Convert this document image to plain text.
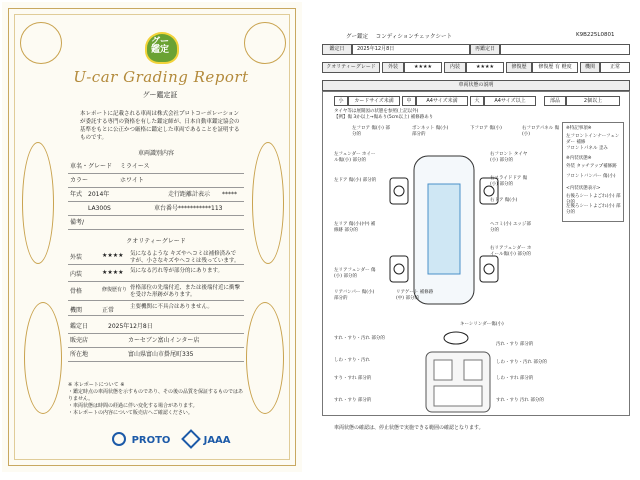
グー
鑑定
U-car Grading Report
グー鑑定証
本レポートに記載される車両は株式会社プロトコーポレーションが委託する専門の資格を有した鑑定師が、日本自動車鑑定協会の基準をもとに公正かつ厳格に鑑定した車両であることを証明するものです。
車両識別内容
車名・グレード ミライース
カラー	ホワイト
年式 2014年	走行距離計表示 *****
LA300S	車台番号 ***********113
備考/
クオリティーグレード
外装	★★★★ 気になるような キズやヘコミは補修済みですが、小さなキズやヘコミは残っています。
内装	★★★★ 気になる汚れ等が部分的にあります。
骨格	修復歴有り 骨格部位の先端付近、または後端付近に衝撃を受けた形跡があります。
機関	正常	主要機関に不具合はありません。
鑑定日	2025年12月8日
販売店	カーセブン富山インター店
所在地	富山県富山市掛尾町335
※ 本レポートについて ※
・鑑定時点の車両状態を示すものであり、その後の品質を保証するものではありません。
・車両状態は時間の経過に伴い変化する場合があります。
・本レポートの内容について販売店へご確認ください。
PROTO	JAAA
グー鑑定 コンディションチェックシート	K9B225L0801
鑑定日	2025年12月8日	再鑑定日
クオリティーグレード	外装	★★★★	内装	★★★★	修復歴	修復歴 有 軽度	機関	正常
車両状態の説明
小	カードサイズ未満	中	A4サイズ未満	大	A4サイズ以上	部品	2個以上
タイヤ等は展開図の状態を参照(上記以外)
【例】傷 3か以上→傷あり(5cm以上) 補修跡あり
左フロア 傷(小) 部分的
ボンネット 傷(小) 部分的
下フロア 傷(小)	右フロアパネル 傷(小)
左フェンダー ホイール傷(小) 部分的
右フロント タイヤ(小) 部分的
右スライドドア 傷(小) 部分的
左ドア 傷(小) 部分的
右ドア 傷(小)
ヘコミ(小) エッジ部分的
左リア 傷(小)(中) 補修跡 部分的
右リアフェンダー ホイール傷(小) 部分的
左リアフェンダー 傷(小) 部分的
リアバンパー 傷(小) 部分的
リアゲート 補修跡(中) 部分的
キーシリンダー傷(小)
※特記事項※
左フロントインナーフェンダー 補修
フロントパネル 歪み
※内装状態※
外装 タッチアップ補修跡
フロントバンパー 傷(小)
<内装状態表示>
右後ろシートよごれ(小) 部分的
左後ろシートよごれ(小) 部分的
すれ・すり・汚れ 部分的
汚れ・すり 部分的
しわ・すり・汚れ	しわ・すり・汚れ 部分的
すり・すれ 部分的	しわ・すれ 部分的
すれ・すり 部分的	すれ・すり 汚れ 部分的
車両状態の確認は、停止状態で実施できる範囲の確認となります。
